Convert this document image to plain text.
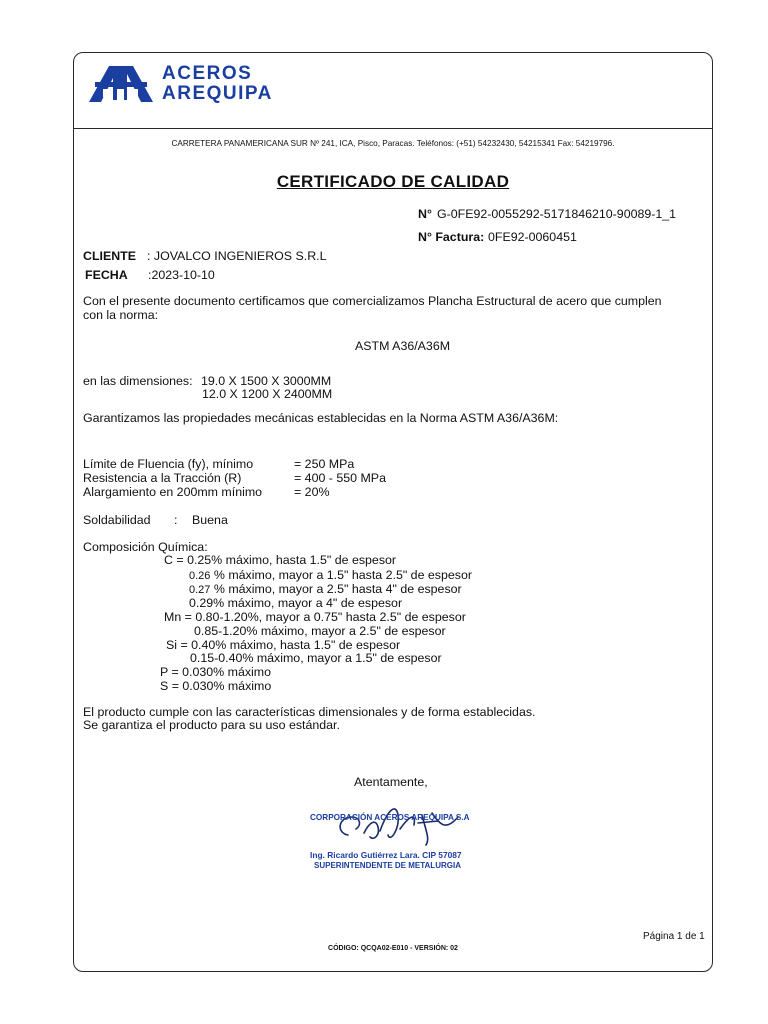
ACEROS
AREQUIPA
CARRETERA PANAMERICANA SUR Nº 241, ICA, Pisco, Paracas. Teléfonos: (+51) 54232430, 54215341 Fax: 54219796.
CERTIFICADO DE CALIDAD
N° G-0FE92-0055292-5171846210-90089-1_1
N° Factura: 0FE92-0060451
CLIENTE : JOVALCO INGENIEROS S.R.L
FECHA :2023-10-10
Con el presente documento certificamos que comercializamos Plancha Estructural de acero que cumplen
con la norma:
ASTM A36/A36M
en las dimensiones: 19.0 X 1500 X 3000MM
12.0 X 1200 X 2400MM
Garantizamos las propiedades mecánicas establecidas en la Norma ASTM A36/A36M:
Límite de Fluencia (fy), mínimo	= 250 MPa
Resistencia a la Tracción (R)	= 400 - 550 MPa
Alargamiento en 200mm mínimo	= 20%
Soldabilidad : Buena
Composición Química:
C = 0.25% máximo, hasta 1.5" de espesor
0.26 % máximo, mayor a 1.5" hasta 2.5" de espesor
0.27 % máximo, mayor a 2.5" hasta 4" de espesor
0.29% máximo, mayor a 4" de espesor
Mn = 0.80-1.20%, mayor a 0.75" hasta 2.5" de espesor
0.85-1.20% máximo, mayor a 2.5" de espesor
Si = 0.40% máximo, hasta 1.5" de espesor
0.15-0.40% máximo, mayor a 1.5" de espesor
P = 0.030% máximo
S = 0.030% máximo
El producto cumple con las características dimensionales y de forma establecidas.
Se garantiza el producto para su uso estándar.
Atentamente,
CORPORACIÓN ACEROS AREQUIPA S.A
Ing. Ricardo Gutiérrez Lara. CIP 57087
SUPERINTENDENTE DE METALURGIA
Página 1 de 1
CÓDIGO: QCQA02-E010 - VERSIÓN: 02
